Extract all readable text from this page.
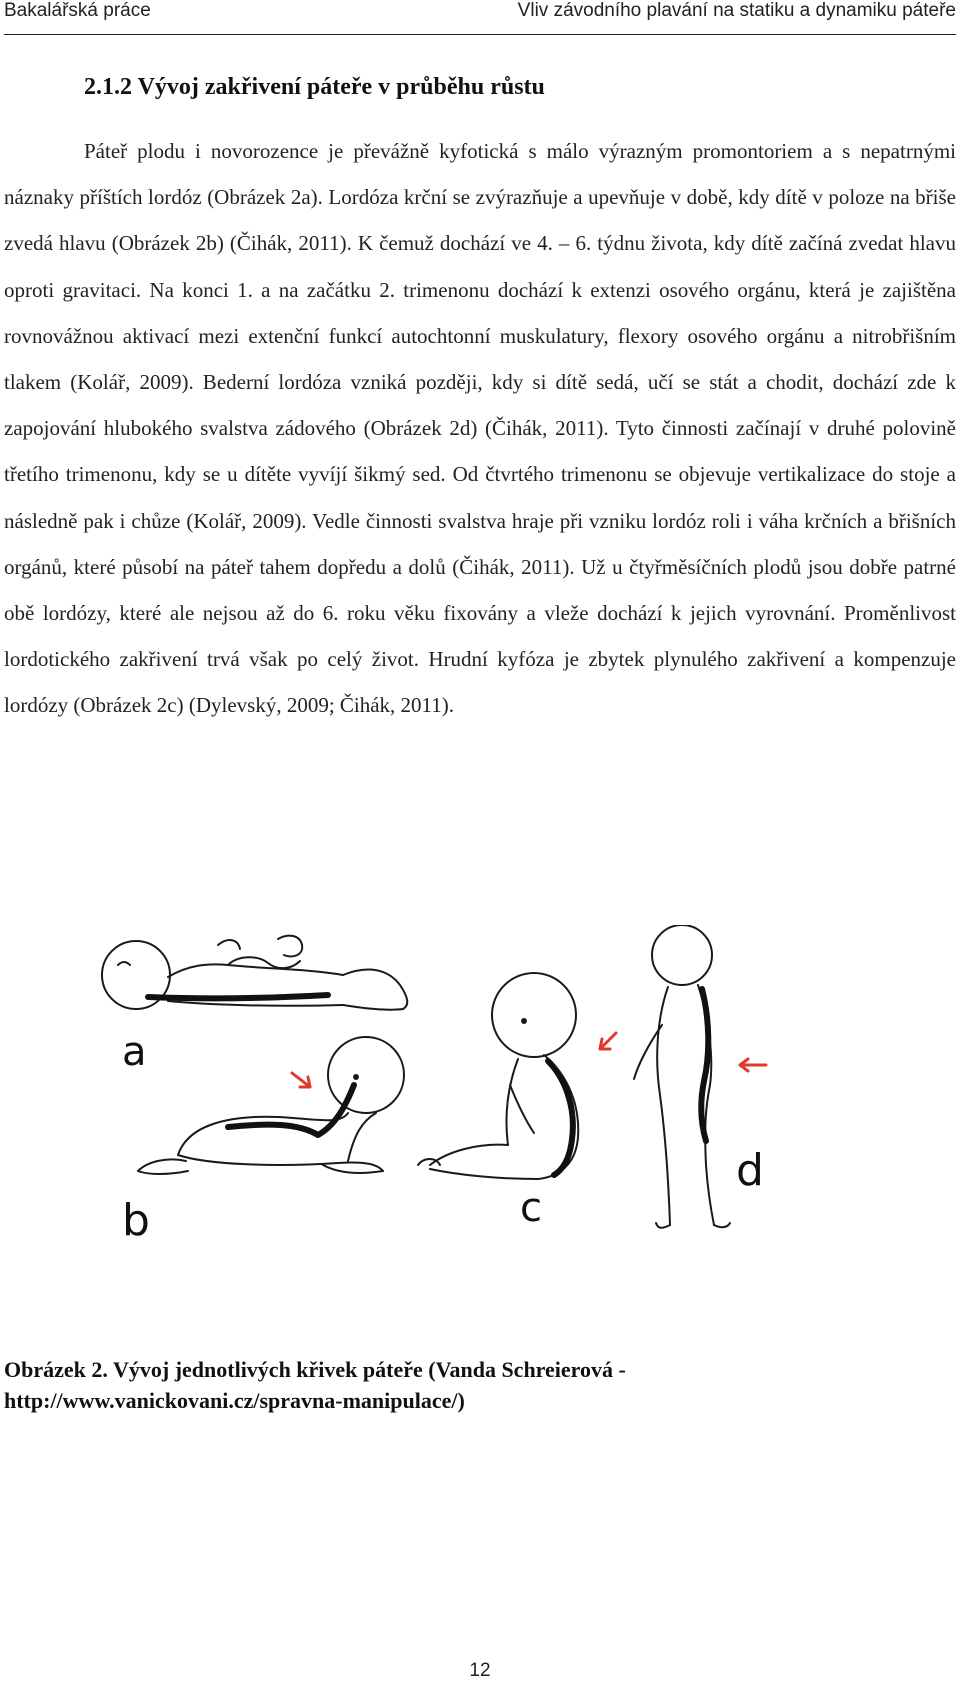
Bakalářská práce	Vliv závodního plavání na statiku a dynamiku páteře
2.1.2 Vývoj zakřivení páteře v průběhu růstu
Páteř plodu i novorozence je převážně kyfotická s málo výrazným promontoriem a s nepatrnými náznaky příštích lordóz (Obrázek 2a). Lordóza krční se zvýrazňuje a upevňuje v době, kdy dítě v poloze na břiše zvedá hlavu (Obrázek 2b) (Čihák, 2011). K čemuž dochází ve 4. – 6. týdnu života, kdy dítě začíná zvedat hlavu oproti gravitaci. Na konci 1. a na začátku 2. trimenonu dochází k extenzi osového orgánu, která je zajištěna rovnovážnou aktivací mezi extenční funkcí autochtonní muskulatury, flexory osového orgánu a nitrobřišním tlakem (Kolář, 2009). Bederní lordóza vzniká později, kdy si dítě sedá, učí se stát a chodit, dochází zde k zapojování hlubokého svalstva zádového (Obrázek 2d) (Čihák, 2011). Tyto činnosti začínají v druhé polovině třetího trimenonu, kdy se u dítěte vyvíjí šikmý sed. Od čtvrtého trimenonu se objevuje vertikalizace do stoje a následně pak i chůze (Kolář, 2009). Vedle činnosti svalstva hraje při vzniku lordóz roli i váha krčních a břišních orgánů, které působí na páteř tahem dopředu a dolů (Čihák, 2011). Už u čtyřměsíčních plodů jsou dobře patrné obě lordózy, které ale nejsou až do 6. roku věku fixovány a vleže dochází k jejich vyrovnání. Proměnlivost lordotického zakřivení trvá však po celý život. Hrudní kyfóza je zbytek plynulého zakřivení a kompenzuje lordózy (Obrázek 2c) (Dylevský, 2009; Čihák, 2011).
a
b	c
d
Obrázek 2. Vývoj jednotlivých křivek páteře (Vanda Schreierová -
http://www.vanickovani.cz/spravna-manipulace/)
12
